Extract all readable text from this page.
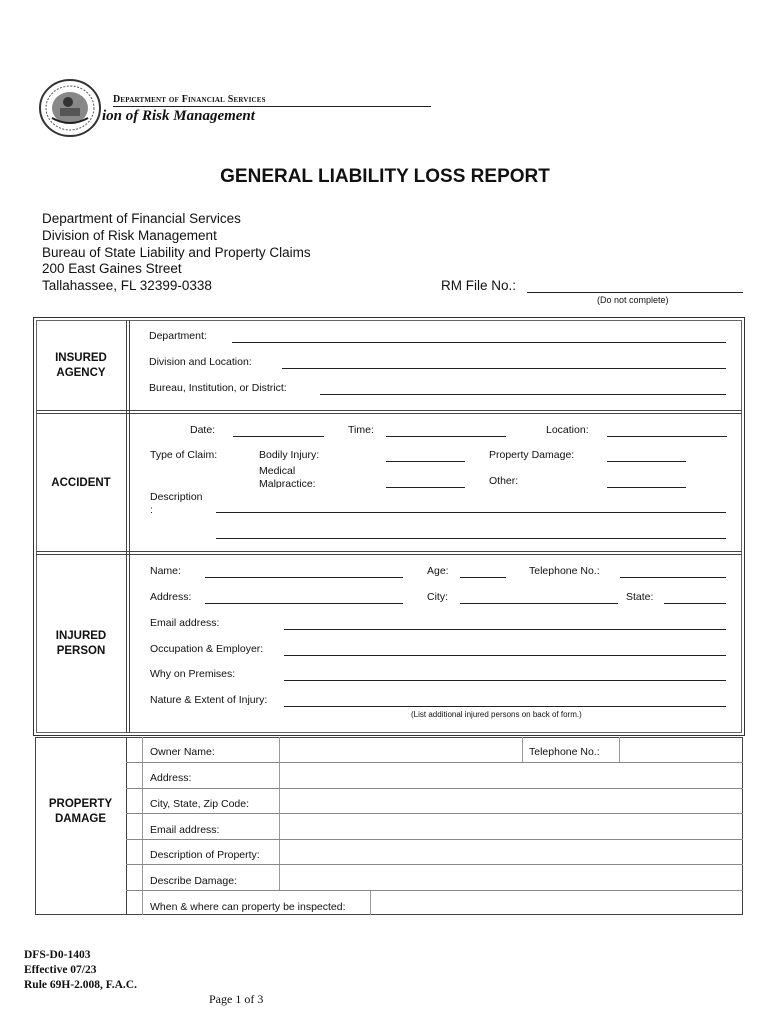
Department of Financial Services
ion of Risk Management
GENERAL LIABILITY LOSS REPORT
Department of Financial Services
Division of Risk Management
Bureau of State Liability and Property Claims
200 East Gaines Street
Tallahassee, FL 32399-0338	RM File No.:
(Do not complete)
INSURED
AGENCY
Department:
Division and Location:
Bureau, Institution, or District:
ACCIDENT
Date:	Time:	Location:
Type of Claim:	Bodily Injury:	Property Damage:
Medical
Malpractice:	Other:
Description
:
INJURED
PERSON
Name:	Age:	Telephone No.:
Address:	City:	State:
Email address:
Occupation & Employer:
Why on Premises:
Nature & Extent of Injury:
(List additional injured persons on back of form.)
PROPERTY
DAMAGE
Owner Name:	Telephone No.:
Address:
City, State, Zip Code:
Email address:
Description of Property:
Describe Damage:
When & where can property be inspected:
DFS-D0-1403
Effective 07/23
Rule 69H-2.008, F.A.C.
Page 1 of 3
